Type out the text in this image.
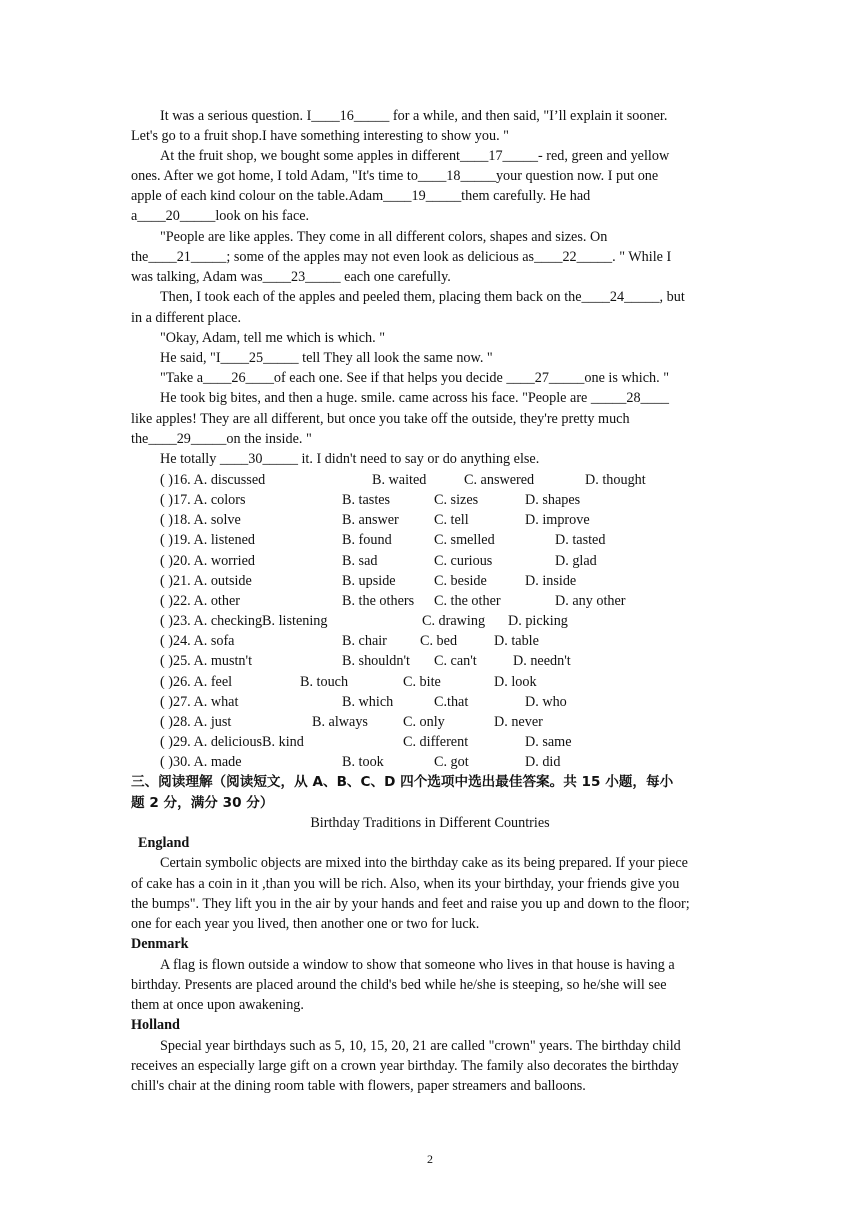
It was a serious question. I____16_____ for a while, and then said, "I’ll explain it sooner.
Let's go to a fruit shop.I have something interesting to show you. "
At the fruit shop, we bought some apples in different____17_____- red, green and yellow
ones. After we got home, I told Adam, "It's time to____18_____your question now. I put one
apple of each kind colour on the table.Adam____19_____them carefully. He had
a____20_____look on his face.
"People are like apples. They come in all different colors, shapes and sizes. On
the____21_____; some of the apples may not even look as delicious as____22_____. " While I
was talking, Adam was____23_____ each one carefully.
Then, I took each of the apples and peeled them, placing them back on the____24_____, but
in a different place.
"Okay, Adam, tell me which is which. "
He said, "I____25_____ tell They all look the same now. "
"Take a____26____of each one. See if that helps you decide ____27_____one is which. "
He took big bites, and then a huge. smile. came across his face. "People are _____28____
like apples! They are all different, but once you take off the outside, they're pretty much
the____29_____on the inside. "
He totally ____30_____ it. I didn't need to say or do anything else.
( )16. A. discussed	B. waited	C. answered	D. thought
( )17. A. colors	B. tastes	C. sizes	D. shapes
( )18. A. solve	B. answer C. tell	D. improve
( )19. A. listened	B. found	C. smelled	D. tasted
( )20. A. worried	B. sad	C. curious	D. glad
( )21. A. outside	B. upside	C. beside	D. inside
( )22. A. other	B. the others C. the other	D. any other
( )23. A. checkingB. listening	C. drawing D. picking
( )24. A. sofa	B. chair C. bed	D. table
( )25. A. mustn't	B. shouldn't C. can't	D. needn't
( )26. A. feel	B. touch	C. bite	D. look
( )27. A. what	B. which	C.that	D. who
( )28. A. just	B. always C. only	D. never
( )29. A. deliciousB. kind	C. different	D. same
( )30. A. made	B. took	C. got	D. did
三、阅读理解（阅读短文，从 A、B、C、D 四个选项中选出最佳答案。共 15 小题，每小
题 2 分，满分 30 分）
Birthday Traditions in Different Countries
England
Certain symbolic objects are mixed into the birthday cake as its being prepared. If your piece
of cake has a coin in it ,than you will be rich. Also, when its your birthday, your friends give you
the bumps". They lift you in the air by your hands and feet and raise you up and down to the floor;
one for each year you lived, then another one or two for luck.
Denmark
A flag is flown outside a window to show that someone who lives in that house is having a
birthday. Presents are placed around the child's bed while he/she is steeping, so he/she will see
them at once upon awakening.
Holland
Special year birthdays such as 5, 10, 15, 20, 21 are called "crown" years. The birthday child
receives an especially large gift on a crown year birthday. The family also decorates the birthday
chill's chair at the dining room table with flowers, paper streamers and balloons.
2
